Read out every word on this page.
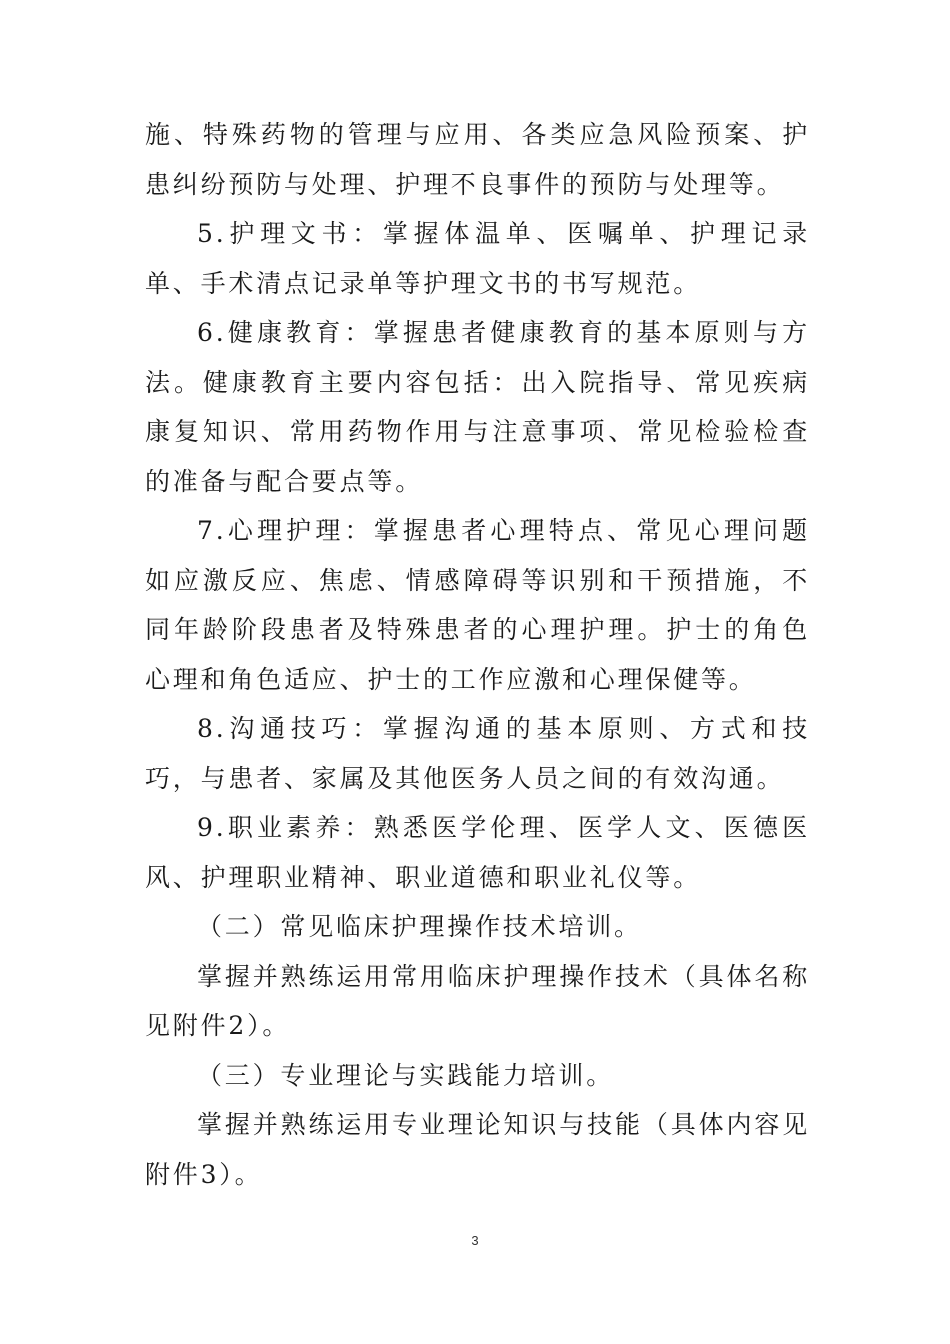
施、特殊药物的管理与应用、各类应急风险预案、护患纠纷预防与处理、护理不良事件的预防与处理等。

5.护理文书：掌握体温单、医嘱单、护理记录单、手术清点记录单等护理文书的书写规范。

6.健康教育：掌握患者健康教育的基本原则与方法。健康教育主要内容包括：出入院指导、常见疾病康复知识、常用药物作用与注意事项、常见检验检查的准备与配合要点等。

7.心理护理：掌握患者心理特点、常见心理问题如应激反应、焦虑、情感障碍等识别和干预措施，不同年龄阶段患者及特殊患者的心理护理。护士的角色心理和角色适应、护士的工作应激和心理保健等。

8.沟通技巧：掌握沟通的基本原则、方式和技巧，与患者、家属及其他医务人员之间的有效沟通。

9.职业素养：熟悉医学伦理、医学人文、医德医风、护理职业精神、职业道德和职业礼仪等。

（二）常见临床护理操作技术培训。

掌握并熟练运用常用临床护理操作技术（具体名称见附件2）。

（三）专业理论与实践能力培训。

掌握并熟练运用专业理论知识与技能（具体内容见附件3）。

3
